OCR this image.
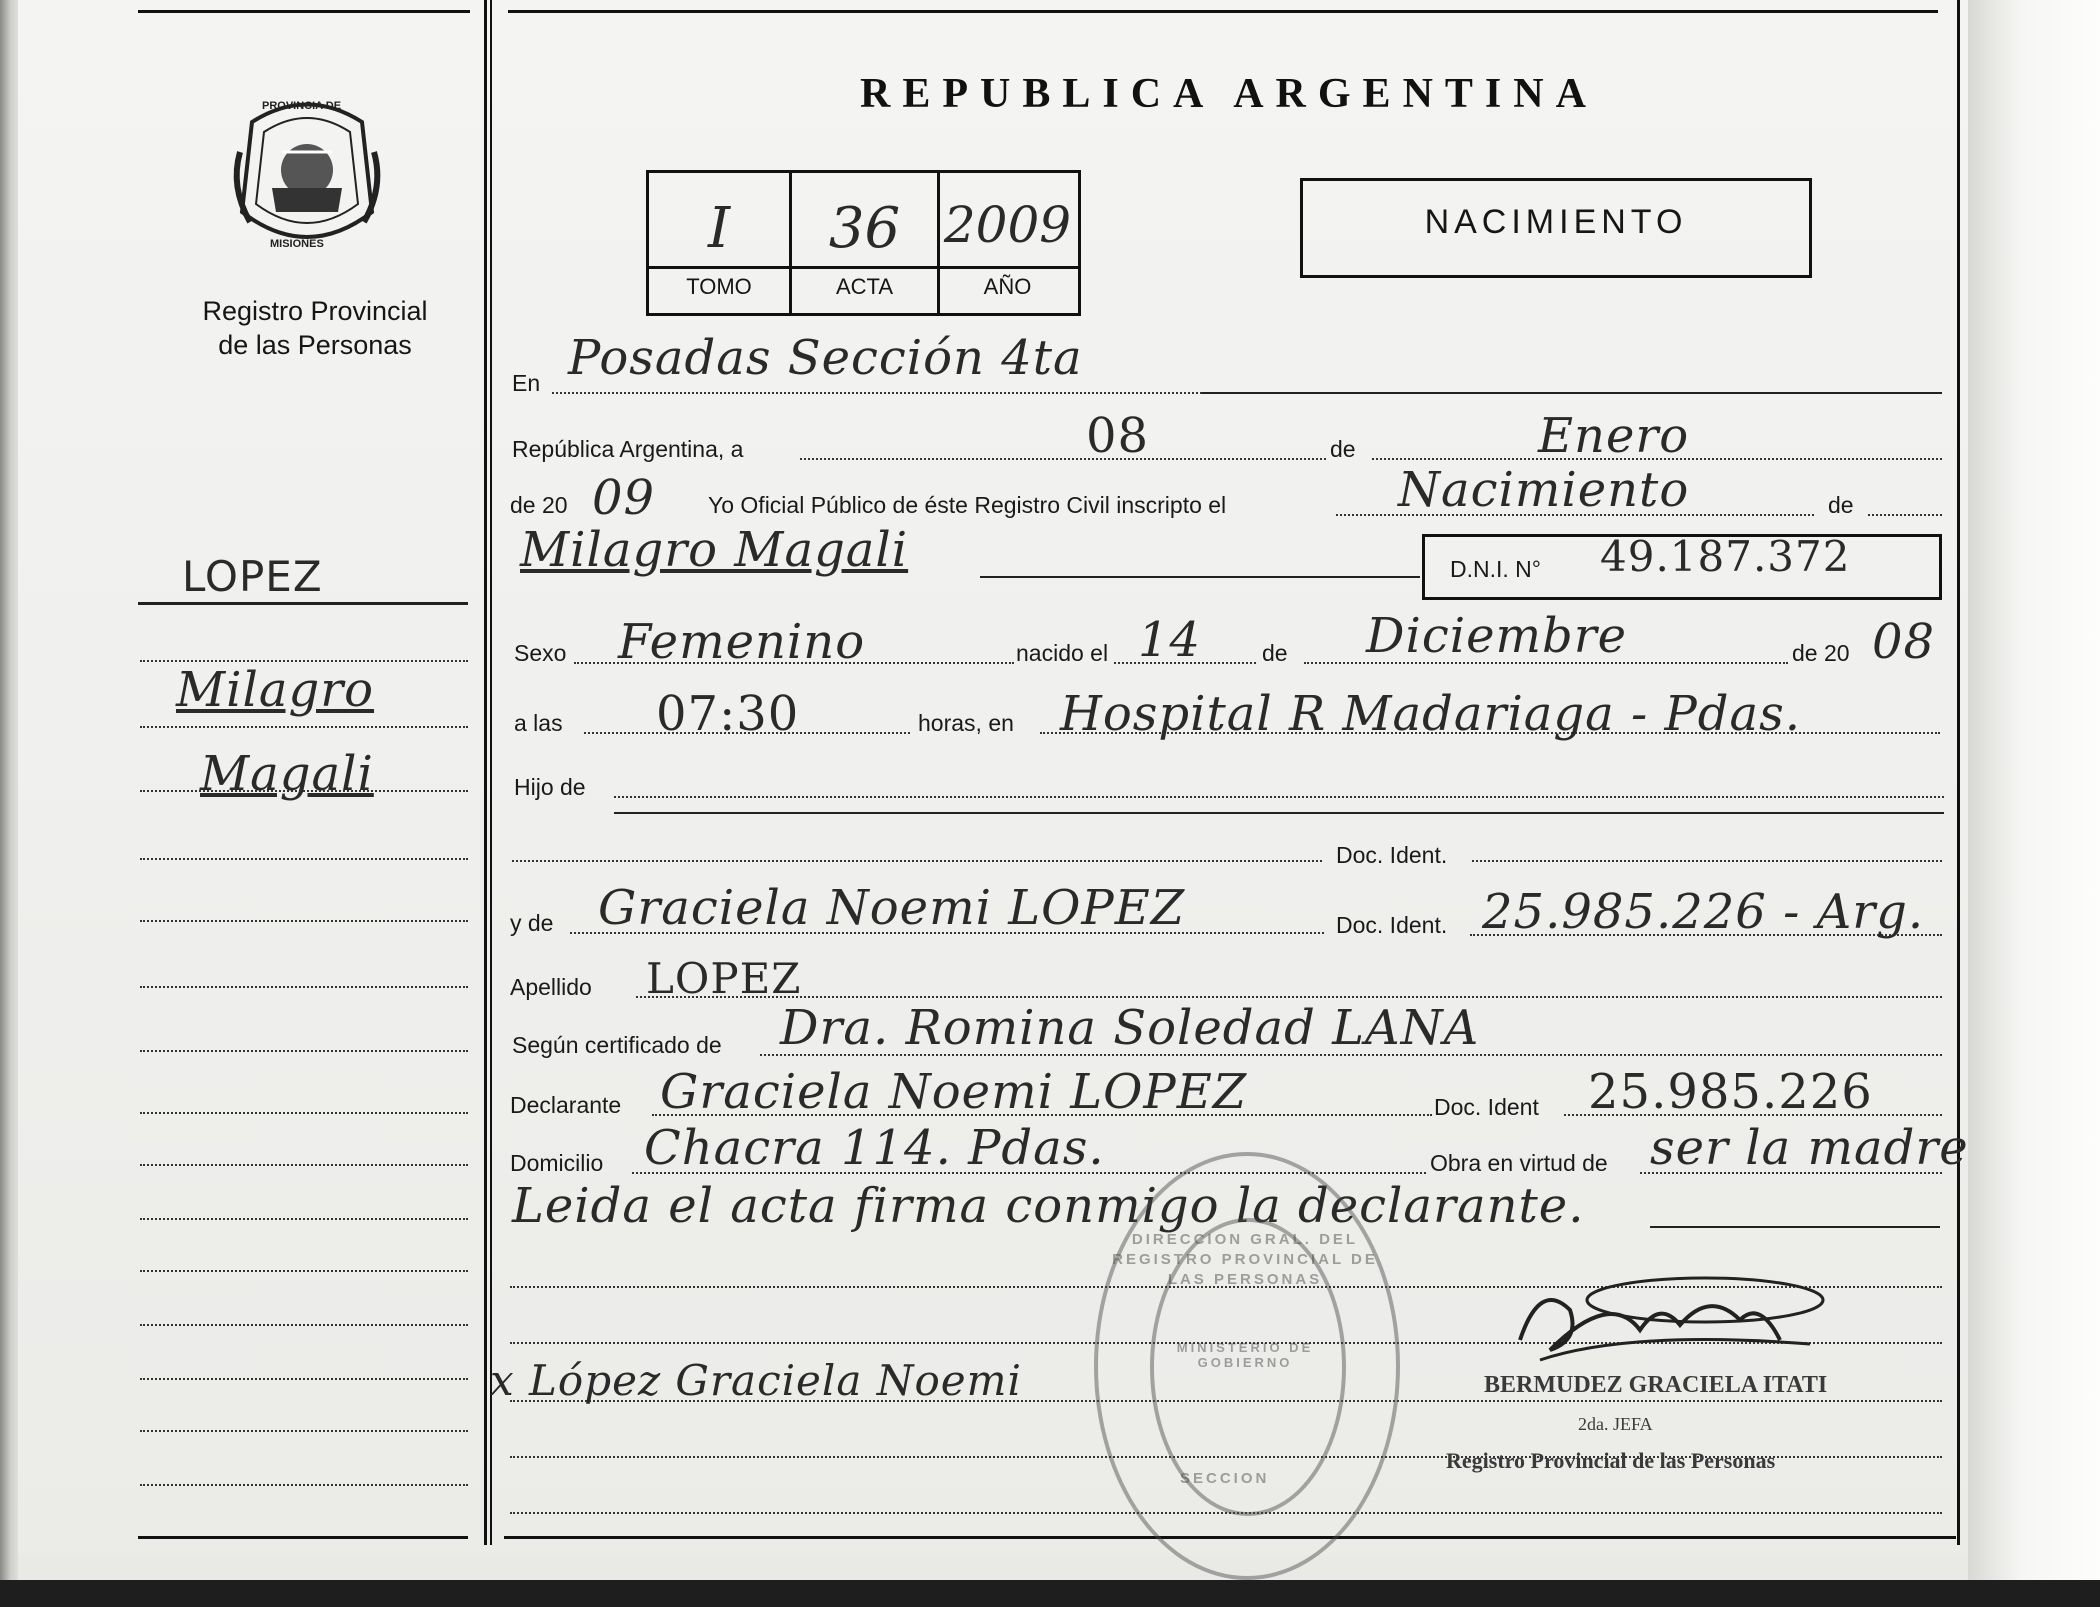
PROVINCIA DE
MISIONES
Registro Provincial
de las Personas
REPUBLICA ARGENTINA
I	36 2009
TOMO	ACTA	AÑO
NACIMIENTO
LOPEZ
Milagro
Magali
En Posadas Sección 4ta
República Argentina, a	08	de	Enero
de 20 09 Yo Oficial Público de éste Registro Civil inscripto el	Nacimiento	de
Milagro Magali	D.N.I. N° 49.187.372
Sexo Femenino	nacido el 14	de Diciembre	de 20 08
a las 07:30	horas, en Hospital R Madariaga - Pdas.
Hijo de
Doc. Ident.
y de Graciela Noemi LOPEZ	Doc. Ident. 25.985.226 - Arg.
Apellido LOPEZ
Según certificado de Dra. Romina Soledad LANA
Declarante Graciela Noemi LOPEZ	Doc. Ident 25.985.226
Domicilio Chacra 114. Pdas.	Obra en virtud de ser la madre
Leida el acta firma conmigo la declarante.
DIRECCION GRAL. DEL REGISTRO PROVINCIAL DE LAS PERSONAS
MINISTERIO DE GOBIERNO
SECCION
x López Graciela Noemi	BERMUDEZ GRACIELA ITATI
2da. JEFA
Registro Provincial de las Personas
